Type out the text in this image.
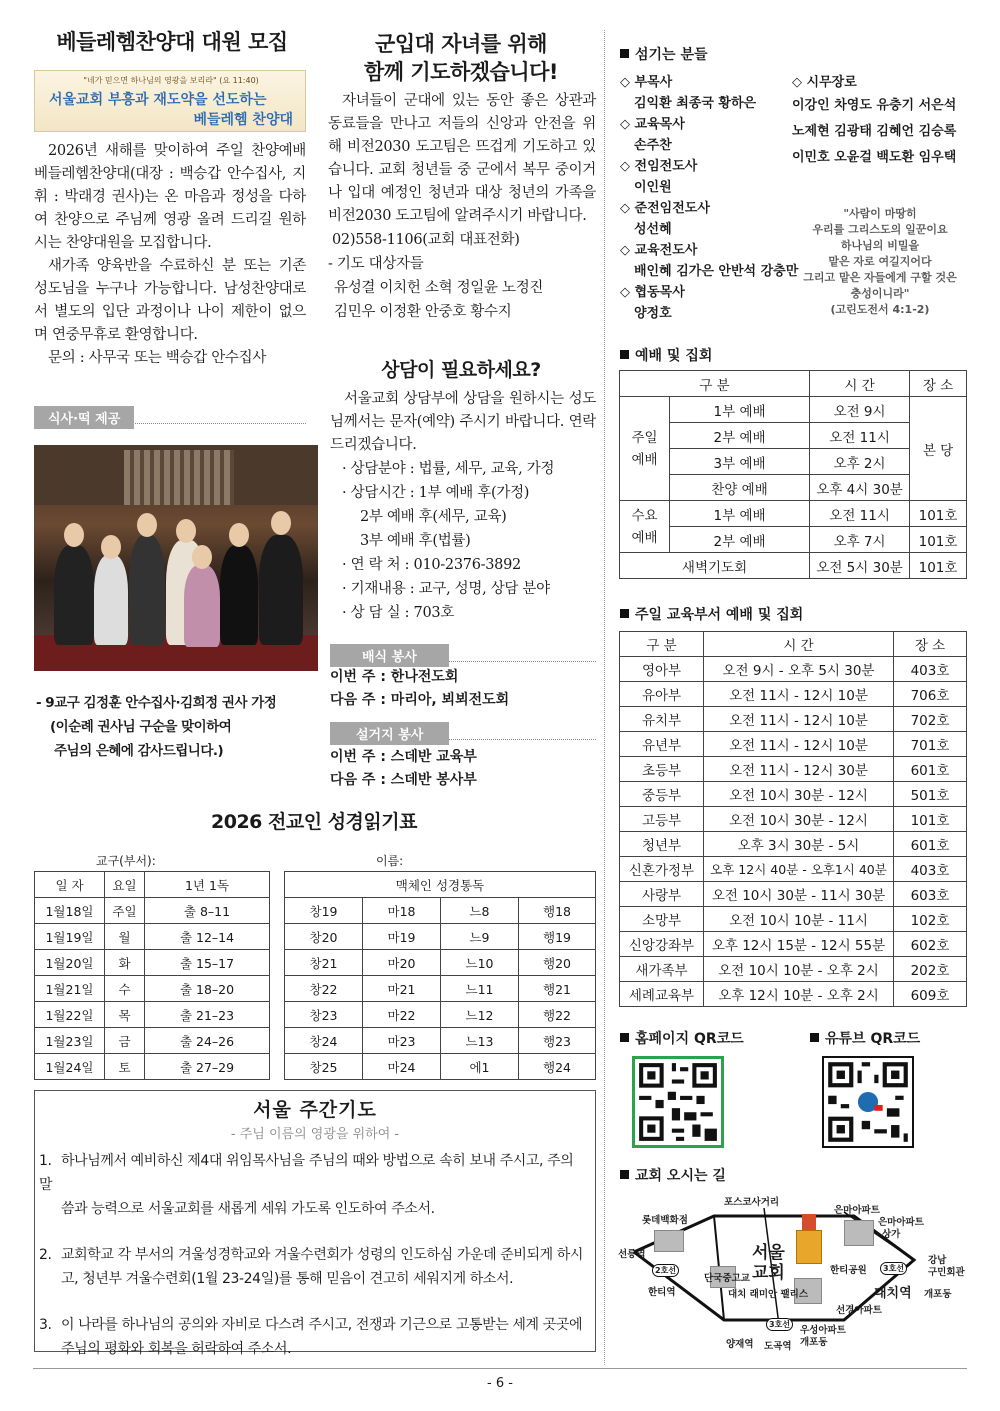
베들레헴찬양대 대원 모집
"네가 믿으면 하나님의 영광을 보리라" (요 11:40)
서울교회 부흥과 재도약을 선도하는
베들레헴 찬양대

2026년 새해를 맞이하여 주일 찬양예배 베들레헴찬양대(대장 : 백승갑 안수집사, 지휘 : 박래경 권사)는 온 마음과 정성을 다하여 찬양으로 주님께 영광 올려 드리길 원하시는 찬양대원을 모집합니다.

새가족 양육반을 수료하신 분 또는 기존 성도님을 누구나 가능합니다. 남성찬양대로서 별도의 입단 과정이나 나이 제한이 없으며 연중무휴로 환영합니다.

문의 : 사무국 또는 백승갑 안수집사

식사·떡 제공
- 9교구 김정훈 안수집사·김희정 권사 가정
(이순례 권사님 구순을 맞이하여
주님의 은혜에 감사드립니다.)
군입대 자녀를 위해
함께 기도하겠습니다!

자녀들이 군대에 있는 동안 좋은 상관과 동료들을 만나고 저들의 신앙과 안전을 위해 비전2030 도고팀은 뜨겁게 기도하고 있습니다. 교회 청년들 중 군에서 복무 중이거나 입대 예정인 청년과 대상 청년의 가족을 비전2030 도고팀에 알려주시기 바랍니다.

02)558-1106(교회 대표전화)
- 기도 대상자들
유성결 이치헌 소혁 정일윤 노정진
김민우 이정환 안중호 황수지
상담이 필요하세요?

서울교회 상담부에 상담을 원하시는 성도님께서는 문자(예약) 주시기 바랍니다. 연락드리겠습니다.

· 상담분야 : 법률, 세무, 교육, 가정
· 상담시간 : 1부 예배 후(가정)
2부 예배 후(세무, 교육)
3부 예배 후(법률)
· 연 락 처 : 010-2376-3892
· 기재내용 : 교구, 성명, 상담 분야
· 상 담 실 : 703호
배식 봉사
이번 주 : 한나전도회
다음 주 : 마리아, 뵈뵈전도회
설거지 봉사
이번 주 : 스데반 교육부
다음 주 : 스데반 봉사부
2026 전교인 성경읽기표
교구(부서):	이름:
일 자	요일	1년 1독
1월18일	주일	출 8–11
1월19일	월	출 12–14
1월20일	화	출 15–17
1월21일	수	출 18–20
1월22일	목	출 21–23
1월23일	금	출 24–26
1월24일	토	출 27–29
맥체인 성경통독			
창19	마18	느8	행18
창20	마19	느9	행19
창21	마20	느10	행20
창22	마21	느11	행21
창23	마22	느12	행22
창24	마23	느13	행23
창25	마24	에1	행24
서울 주간기도
- 주님 이름의 영광을 위하여 -
1. 하나님께서 예비하신 제4대 위임목사님을 주님의 때와 방법으로 속히 보내 주시고, 주의 말
씀과 능력으로 서울교회를 새롭게 세워 가도록 인도하여 주소서.
2. 교회학교 각 부서의 겨울성경학교와 겨울수련회가 성령의 인도하심 가운데 준비되게 하시
고, 청년부 겨울수련회(1월 23-24일)를 통해 믿음이 견고히 세워지게 하소서.
3. 이 나라를 하나님의 공의와 자비로 다스려 주시고, 전쟁과 기근으로 고통받는 세계 곳곳에
주님의 평화와 회복을 허락하여 주소서.
섬기는 분들
◇ 부목사
김익환 최종국 황하은
◇ 교육목사
손주찬
◇ 전임전도사
이인원
◇ 준전임전도사
성선혜
◇ 교육전도사
배인혜 김가은 안반석 강충만
◇ 협동목사
양정호
◇ 시무장로
이강인 차영도 유충기 서은석
노제현 김광태 김혜언 김승록
이민호 오윤걸 백도환 임우택
"사람이 마땅히
우리를 그리스도의 일꾼이요
하나님의 비밀을
맡은 자로 여길지어다
그리고 맡은 자들에게 구할 것은
충성이니라"
(고린도전서 4:1-2)
예배 및 집회
구 분		시 간	장 소
주일
예배	1부 예배	오전 9시	본 당
	2부 예배	오전 11시	
	3부 예배	오후 2시	
	찬양 예배	오후 4시 30분	
수요
예배	1부 예배	오전 11시	101호
	2부 예배	오후 7시	101호
새벽기도회		오전 5시 30분	101호
주일 교육부서 예배 및 집회
구 분	시 간	장 소
영아부	오전 9시 - 오후 5시 30분	403호
유아부	오전 11시 - 12시 10분	706호
유치부	오전 11시 - 12시 10분	702호
유년부	오전 11시 - 12시 10분	701호
초등부	오전 11시 - 12시 30분	601호
중등부	오전 10시 30분 - 12시	501호
고등부	오전 10시 30분 - 12시	101호
청년부	오후 3시 30분 - 5시	601호
신혼가정부	오후 12시 40분 - 오후1시 40분	403호
사랑부	오전 10시 30분 - 11시 30분	603호
소망부	오전 10시 10분 - 11시	102호
신앙강좌부	오후 12시 15분 - 12시 55분	602호
새가족부	오전 10시 10분 - 오후 2시	202호
세례교육부	오후 12시 10분 - 오후 2시	609호
홈페이지 QR코드	유튜브 QR코드
교회 오시는 길
포스코사거리
롯데백화점
은마아파트
은마아파트
상가
선릉역
2호선
한티역
서울
교회
단국중고교
대치 래미안 팰리스
한티공원	3호선
대치역
강남
구민회관
개포동
선경아파트
양재역 도곡역
3호선
우성아파트
개포동
- 6 -
